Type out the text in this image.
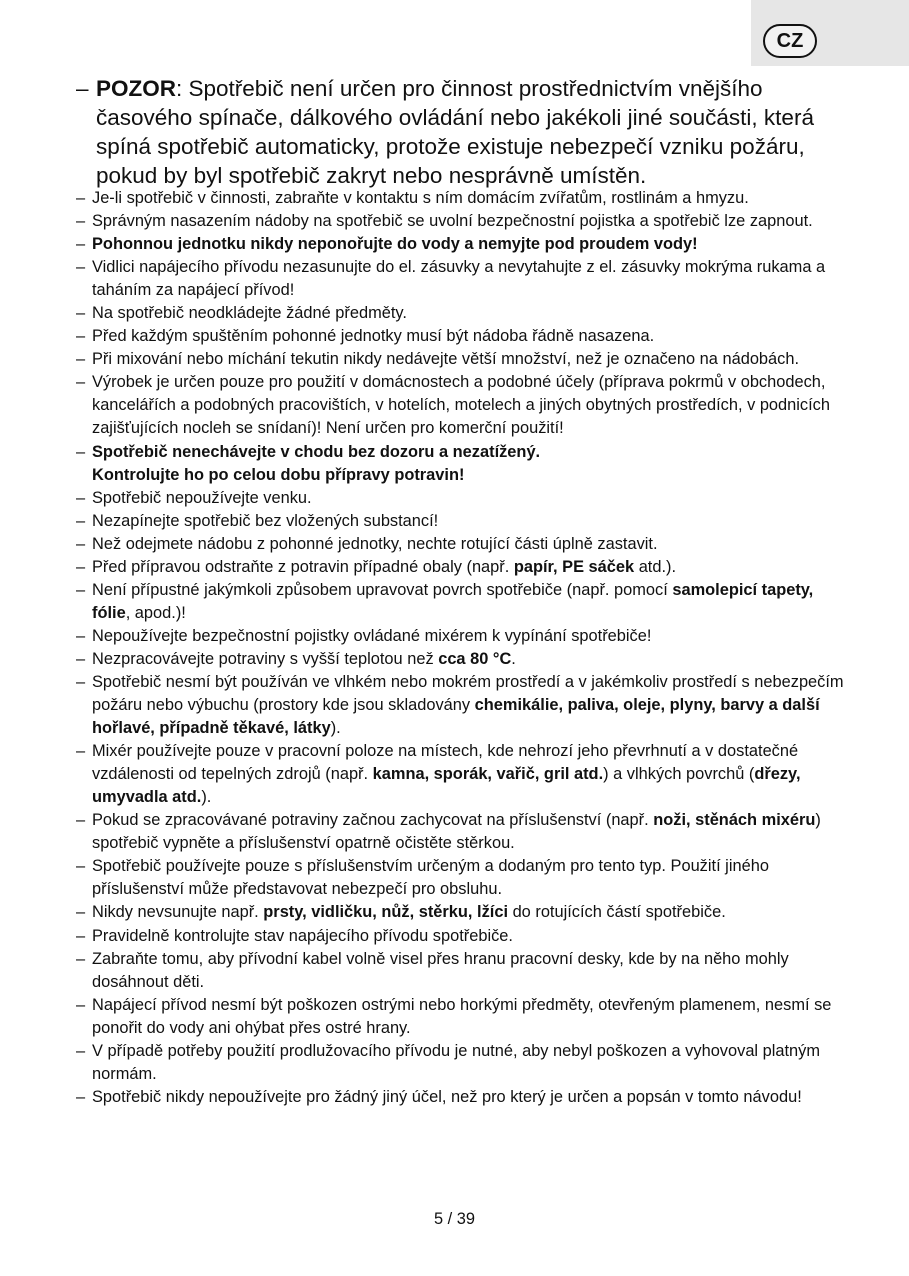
CZ
– POZOR: Spotřebič není určen pro činnost prostřednictvím vnějšího časového spínače, dálkového ovládání nebo jakékoli jiné součásti, která spíná spotřebič automaticky, protože existuje nebezpečí vzniku požáru, pokud by byl spotřebič zakryt nebo nesprávně umístěn.
– Je-li spotřebič v činnosti, zabraňte v kontaktu s ním domácím zvířatům, rostlinám a hmyzu.
– Správným nasazením nádoby na spotřebič se uvolní bezpečnostní pojistka a spotřebič lze zapnout.
– Pohonnou jednotku nikdy neponořujte do vody a nemyjte pod proudem vody!
– Vidlici napájecího přívodu nezasunujte do el. zásuvky a nevytahujte z el. zásuvky mokrýma rukama a taháním za napájecí přívod!
– Na spotřebič neodkládejte žádné předměty.
– Před každým spuštěním pohonné jednotky musí být nádoba řádně nasazena.
– Při mixování nebo míchání tekutin nikdy nedávejte větší množství, než je označeno na nádobách.
– Výrobek je určen pouze pro použití v domácnostech a podobné účely (příprava pokrmů v obchodech, kancelářích a podobných pracovištích, v hotelích, motelech a jiných obytných prostředích, v podnicích zajišťujících nocleh se snídaní)! Není určen pro komerční použití!
– Spotřebič nenechávejte v chodu bez dozoru a nezatížený.
Kontrolujte ho po celou dobu přípravy potravin!
– Spotřebič nepoužívejte venku.
– Nezapínejte spotřebič bez vložených substancí!
– Než odejmete nádobu z pohonné jednotky, nechte rotující části úplně zastavit.
– Před přípravou odstraňte z potravin případné obaly (např. papír, PE sáček atd.).
– Není přípustné jakýmkoli způsobem upravovat povrch spotřebiče (např. pomocí samolepicí tapety, fólie, apod.)!
– Nepoužívejte bezpečnostní pojistky ovládané mixérem k vypínání spotřebiče!
– Nezpracovávejte potraviny s vyšší teplotou než cca 80 °C.
– Spotřebič nesmí být používán ve vlhkém nebo mokrém prostředí a v jakémkoliv prostředí s nebezpečím požáru nebo výbuchu (prostory kde jsou skladovány chemikálie, paliva, oleje, plyny, barvy a další hořlavé, případně těkavé, látky).
– Mixér používejte pouze v pracovní poloze na místech, kde nehrozí jeho převrhnutí a v dostatečné vzdálenosti od tepelných zdrojů (např. kamna, sporák, vařič, gril atd.) a vlhkých povrchů (dřezy, umyvadla atd.).
– Pokud se zpracovávané potraviny začnou zachycovat na příslušenství (např. noži, stěnách mixéru) spotřebič vypněte a příslušenství opatrně očistěte stěrkou.
– Spotřebič používejte pouze s příslušenstvím určeným a dodaným pro tento typ. Použití jiného příslušenství může představovat nebezpečí pro obsluhu.
– Nikdy nevsunujte např. prsty, vidličku, nůž, stěrku, lžíci do rotujících částí spotřebiče.
– Pravidelně kontrolujte stav napájecího přívodu spotřebiče.
– Zabraňte tomu, aby přívodní kabel volně visel přes hranu pracovní desky, kde by na něho mohly dosáhnout děti.
– Napájecí přívod nesmí být poškozen ostrými nebo horkými předměty, otevřeným plamenem, nesmí se ponořit do vody ani ohýbat přes ostré hrany.
– V případě potřeby použití prodlužovacího přívodu je nutné, aby nebyl poškozen a vyhovoval platným normám.
– Spotřebič nikdy nepoužívejte pro žádný jiný účel, než pro který je určen a popsán v tomto návodu!
5 / 39
